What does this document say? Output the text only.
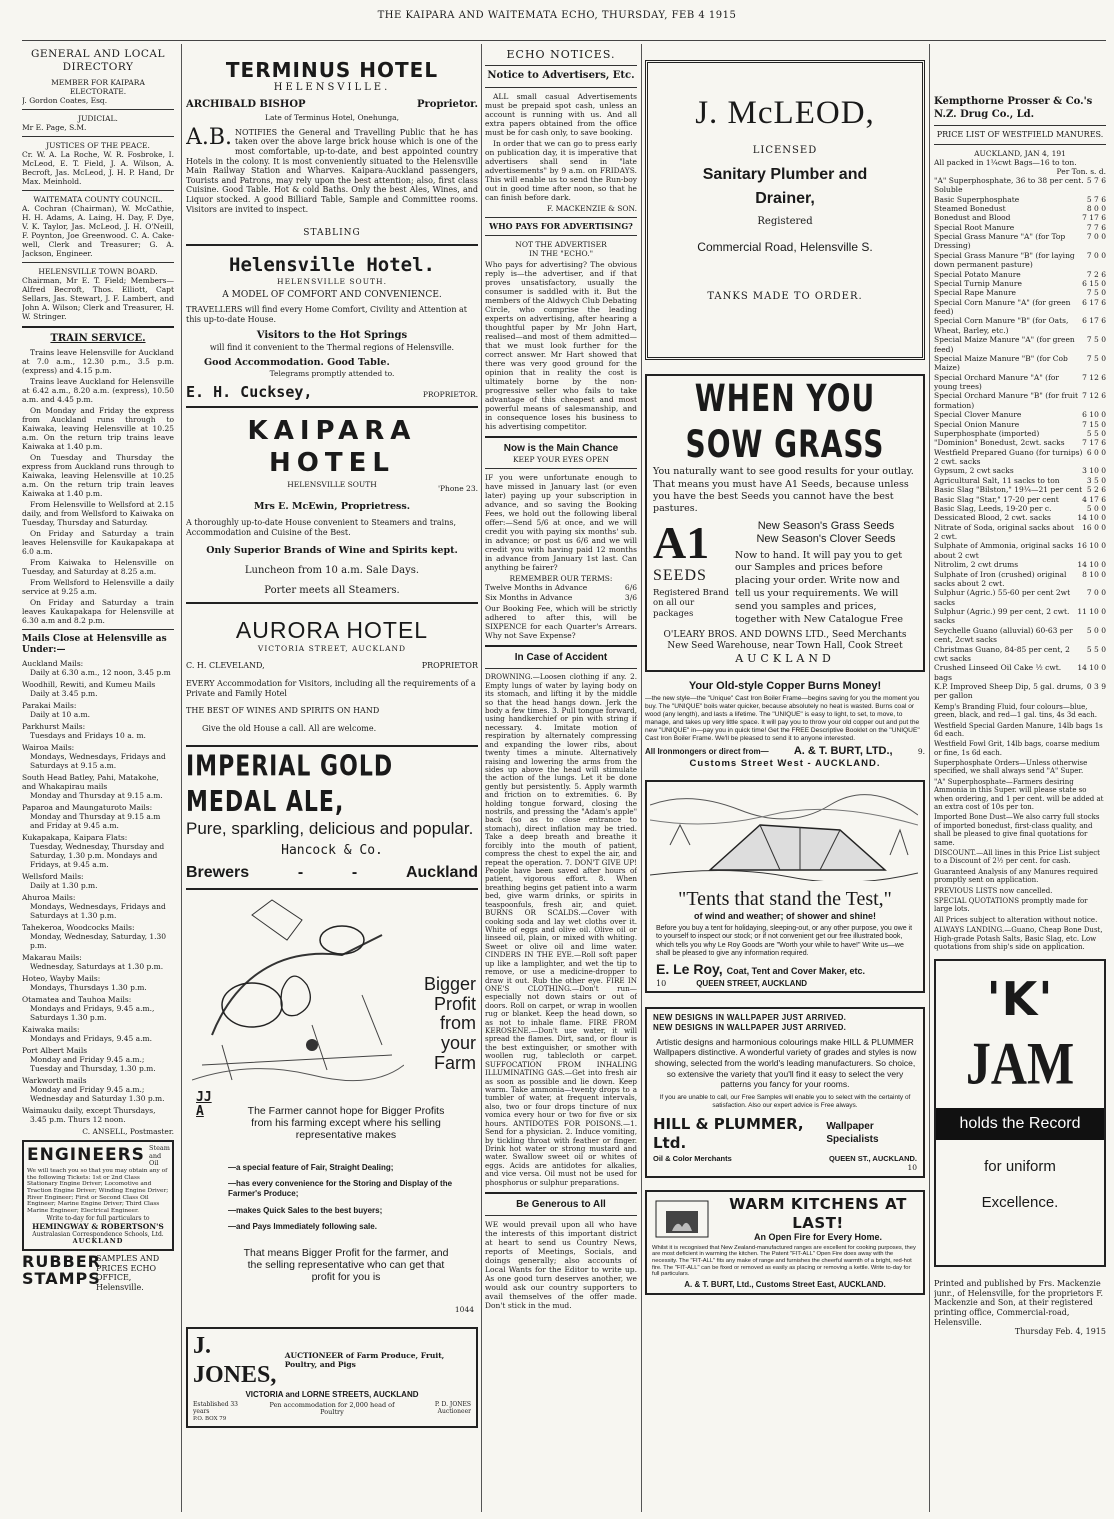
THE KAIPARA AND WAITEMATA ECHO, THURSDAY, FEB 4 1915
GENERAL AND LOCAL DIRECTORY
MEMBER FOR KAIPARA ELECTORATE.
J. Gordon Coates, Esq.
JUDICIAL.
Mr E. Page, S.M.
JUSTICES OF THE PEACE.
Cr. W. A. La Roche, W. R. Fosbroke, I. McLeod, E. T. Field, J. A. Wilson, A. Becroft, Jas. McLeod, J. H. P. Hand, Dr Max. Meinhold.
WAITEMATA COUNTY COUNCIL.
A. Cochran (Chairman), W. McCathie, H. H. Adams, A. Laing, H. Day, F. Dye, V. K. Taylor, Jas. McLeod, J. H. O'Neill, F. Poynton, Joe Greenwood. C. A. Cake-well, Clerk and Treasurer; G. A. Jackson, Engineer.
HELENSVILLE TOWN BOARD.
Chairman, Mr E. T. Field; Members—Alfred Becroft, Thos. Elliott, Capt Sellars, Jas. Stewart, J. F. Lambert, and John A. Wilson; Clerk and Treasurer, H. W. Stringer.
TRAIN SERVICE.

Trains leave Helensville for Auckland at 7.0 a.m., 12.30 p.m., 3.5 p.m. (express) and 4.15 p.m.

Trains leave Auckland for Helensville at 6.42 a.m., 8.20 a.m. (express), 10.50 a.m. and 4.45 p.m.

On Monday and Friday the express from Auckland runs through to Kaiwaka, leaving Helensville at 10.25 a.m. On the return trip trains leave Kaiwaka at 1.40 p.m.

On Tuesday and Thursday the express from Auckland runs through to Kaiwaka, leaving Helensville at 10.25 a.m. On the return trip train leaves Kaiwaka at 1.40 p.m.

From Helensville to Wellsford at 2.15 daily, and from Wellsford to Kaiwaka on Tuesday, Thursday and Saturday.

On Friday and Saturday a train leaves Helensville for Kaukapakapa at 6.0 a.m.

From Kaiwaka to Helensville on Tuesday, and Saturday at 8.25 a.m.

From Wellsford to Helensville a daily service at 9.25 a.m.

On Friday and Saturday a train leaves Kaukapakapa for Helensville at 6.30 a.m and 8.2 p.m.

Mails Close at Helensville as Under:—
Auckland Mails:
Daily at 6.30 a.m., 12 noon, 3.45 p.m
Woodhill, Rewiti, and Kumeu Mails
Daily at 3.45 p.m.
Parakai Mails:
Daily at 10 a.m.
Parkhurst Mails:
Tuesdays and Fridays 10 a. m.
Wairoa Mails:
Mondays, Wednesdays, Fridays and Saturdays at 9.15 a.m.
South Head Batley, Pahi, Matakohe, and Whakapirau mails
Monday and Thursday at 9.15 a.m.
Paparoa and Maungaturoto Mails:
Monday and Thursday at 9.15 a.m and Friday at 9.45 a.m.
Kukapakapa, Kaipara Flats:
Tuesday, Wednesday, Thursday and Saturday, 1.30 p.m. Mondays and Fridays, at 9.45 a.m.
Wellsford Mails:
Daily at 1.30 p.m.
Ahuroa Mails:
Mondays, Wednesdays, Fridays and Saturdays at 1.30 p.m.
Tahekeroa, Woodcocks Mails:
Monday, Wednesday, Saturday, 1.30 p.m.
Makarau Mails:
Wednesday, Saturdays at 1.30 p.m.
Hoteo, Wayby Mails:
Mondays, Thursdays 1.30 p.m.
Otamatea and Tauhoa Mails:
Mondays and Fridays, 9.45 a.m., Saturdays 1.30 p.m.
Kaiwaka mails:
Mondays and Fridays, 9.45 a.m.
Port Albert Mails
Monday and Friday 9.45 a.m.; Tuesday and Thursday, 1.30 p.m.
Warkworth mails
Monday and Friday 9.45 a.m.; Wednesday and Saturday 1.30 p.m.
Waimauku daily, except Thursdays,
3.45 p.m. Thurs 12 noon.
C. ANSELL, Postmaster.
ENGINEERS Steam and Oil
We will teach you so that you may obtain any of the following Tickets: 1st or 2nd Class Stationary Engine Driver; Locomotive and Traction Engine Driver; Winding Engine Driver; River Engineer; First or Second Class Oil Engineer; Marine Engine Driver; Third Class Marine Engineer; Electrical Engineer.
Write to-day for full particulars to
HEMINGWAY & ROBERTSON'S
Australasian Correspondence Schools, Ltd.
AUCKLAND
RUBBER STAMPS
SAMPLES AND PRICES ECHO OFFICE, Helensville.
TERMINUS HOTEL
HELENSVILLE.
ARCHIBALD BISHOP	Proprietor.
Late of Terminus Hotel, Onehunga,
A.B. NOTIFIES the General and Travelling Public that he has taken over the above large brick house which is one of the most comfortable, up-to-date, and best appointed country Hotels in the colony. It is most conveniently situated to the Helensville Main Railway Station and Wharves. Kaipara-Auckland passengers, Tourists and Patrons, may rely upon the best attention; also, first class Cuisine. Good Table. Hot & cold Baths. Only the best Ales, Wines, and Liquor stocked. A good Billiard Table, Sample and Committee rooms. Visitors are invited to inspect.
STABLING
Helensville Hotel.
HELENSVILLE SOUTH.
A MODEL OF COMFORT AND CONVENIENCE.
TRAVELLERS will find every Home Comfort, Civility and Attention at this up-to-date House.
Visitors to the Hot Springs
will find it convenient to the Thermal regions of Helensville.
Good Accommodation. Good Table.
Telegrams promptly attended to.
E. H. Cucksey,	PROPRIETOR.
KAIPARA HOTEL
HELENSVILLE SOUTH	'Phone 23.
Mrs E. McEwin, Proprietress.
A thoroughly up-to-date House convenient to Steamers and trains, Accommodation and Cuisine of the Best.
Only Superior Brands of Wine and Spirits kept.
Luncheon from 10 a.m. Sale Days.
Porter meets all Steamers.
AURORA HOTEL
VICTORIA STREET, AUCKLAND
C. H. CLEVELAND,	PROPRIETOR
EVERY Accommodation for Visitors, including all the requirements of a Private and Family Hotel
THE BEST OF WINES AND SPIRITS ON HAND
Give the old House a call. All are welcome.
IMPERIAL GOLD MEDAL ALE,
Pure, sparkling, delicious and popular.
Hancock & Co.
Brewers	-	-	Auckland
Bigger Profit from your Farm
JJ A	The Farmer cannot hope for Bigger Profits from his farming except where his selling representative makes
—a special feature of Fair, Straight Dealing;
—has every convenience for the Storing and Display of the Farmer's Produce;
—makes Quick Sales to the best buyers;
—and Pays Immediately following sale.
That means Bigger Profit for the farmer, and the selling representative who can get that profit for you is
1044
J. JONES,
AUCTIONEER of Farm Produce, Fruit, Poultry, and Pigs
VICTORIA and LORNE STREETS, AUCKLAND
Established 33 years
Pen accommodation for 2,000 head of Poultry
P. D. JONES Auctioneer
P.O. BOX 79
ECHO NOTICES.
Notice to Advertisers, Etc.

ALL small casual Advertisements must be prepaid spot cash, unless an account is running with us. And all extra papers obtained from the office must be for cash only, to save booking.

In order that we can go to press early on publication day, it is imperative that advertisers shall send in "late advertisements" by 9 a.m. on FRIDAYS. This will enable us to send the Run-boy out in good time after noon, so that he can finish before dark.

F. MACKENZIE & SON.
WHO PAYS FOR ADVERTISING?
NOT THE ADVERTISER
IN THE "ECHO."
Who pays for advertising? The obvious reply is—the advertiser, and if that proves unsatisfactory, usually the consumer is saddled with it. But the members of the Aldwych Club Debating Circle, who comprise the leading experts on advertising, after hearing a thoughtful paper by Mr John Hart, realised—and most of them admitted—that we must look further for the correct answer. Mr Hart showed that there was very good ground for the opinion that in reality the cost is ultimately borne by the non-progressive seller who fails to take advantage of this cheapest and most powerful means of salesmanship, and in consequence loses his business to his advertising competitor.
Now is the Main Chance
KEEP YOUR EYES OPEN
IF you were unfortunate enough to have missed in January last (or even later) paying up your subscription in advance, and so saving the Booking Fees, we hold out the following liberal offer:—Send 5/6 at once, and we will credit you with paying six months' sub. in advance; or post us 6/6 and we will credit you with having paid 12 months in advance from January 1st last. Can anything be fairer?
REMEMBER OUR TERMS:
Twelve Months in Advance	6/6
Six Months in Advance	3/6
Our Booking Fee, which will be strictly adhered to after this, will be SIXPENCE for each Quarter's Arrears. Why not Save Expense?
In Case of Accident
DROWNING.—Loosen clothing if any. 2. Empty lungs of water by laying body on its stomach, and lifting it by the middle so that the head hangs down. Jerk the body a few times. 3. Pull tongue forward, using handkerchief or pin with string if necessary. 4. Imitate motion of respiration by alternately compressing and expanding the lower ribs, about twenty times a minute. Alternatively raising and lowering the arms from the sides up above the head will stimulate the action of the lungs. Let it be done gently but persistently. 5. Apply warmth and friction on to extremities. 6. By holding tongue forward, closing the nostrils, and pressing the "Adam's apple" back (so as to close entrance to stomach), direct inflation may be tried. Take a deep breath and breathe it forcibly into the mouth of patient, compress the chest to expel the air, and repeat the operation. 7. DON'T GIVE UP! People have been saved after hours of patient, vigorous effort. 8. When breathing begins get patient into a warm bed, give warm drinks, or spirits in teaspoonfuls, fresh air, and quiet. BURNS OR SCALDS.—Cover with cooking soda and lay wet cloths over it. White of eggs and olive oil. Olive oil or linseed oil, plain, or mixed with whiting. Sweet or olive oil and lime water. CINDERS IN THE EYE.—Roll soft paper up like a lamplighter, and wet the tip to remove, or use a medicine-dropper to draw it out. Rub the other eye. FIRE IN ONE'S CLOTHING.—Don't run—especially not down stairs or out of doors. Roll on carpet, or wrap in woollen rug or blanket. Keep the head down, so as not to inhale flame. FIRE FROM KEROSENE.—Don't use water, it will spread the flames. Dirt, sand, or flour is the best extinguisher, or smother with woollen rug, tablecloth or carpet. SUFFOCATION FROM INHALING ILLUMINATING GAS.—Get into fresh air as soon as possible and lie down. Keep warm. Take ammonia—twenty drops to a tumbler of water, at frequent intervals, also, two or four drops tincture of nux vomica every hour or two for five or six hours. ANTIDOTES FOR POISONS.—1. Send for a physician. 2. Induce vomiting, by tickling throat with feather or finger. Drink hot water or strong mustard and water. Swallow sweet oil or whites of eggs. Acids are antidotes for alkalies, and vice versa. Oil must not be used for phosphorus or sulphur preparations.
Be Generous to All
WE would prevail upon all who have the interests of this important district at heart to send us Country News, reports of Meetings, Socials, and doings generally; also accounts of Local Wants for the Editor to write up. As one good turn deserves another, we would ask our country supporters to avail themselves of the offer made. Don't stick in the mud.
J. McLEOD,
LICENSED
Sanitary Plumber and Drainer,
Registered
Commercial Road, Helensville S.
TANKS MADE TO ORDER.
WHEN YOU SOW GRASS
You naturally want to see good results for your outlay. That means you must have A1 Seeds, because unless you have the best Seeds you cannot have the best pastures.
A1
SEEDS
Registered Brand on all our packages
New Season's Grass Seeds
New Season's Clover Seeds
Now to hand. It will pay you to get our Samples and prices before placing your order. Write now and tell us your requirements. We will send you samples and prices, together with New Catalogue Free
O'LEARY BROS. AND DOWNS LTD., Seed Merchants
New Seed Warehouse, near Town Hall, Cook Street
AUCKLAND
Your Old-style Copper Burns Money!
—the new style—the "Unique" Cast Iron Boiler Frame—begins saving for you the moment you buy. The "UNIQUE" boils water quicker, because absolutely no heat is wasted. Burns coal or wood (any length), and lasts a lifetime. The "UNIQUE" is easy to light, to set, to move, to manage, and takes up very little space. It will pay you to throw your old copper out and put the new "UNIQUE" in—pay you in quick time! Get the FREE Descriptive Booklet on the "UNIQUE" Cast Iron Boiler Frame. We'll be pleased to send it to anyone interested.
All Ironmongers or direct from— A. & T. BURT, LTD.,	9.
Customs Street West - AUCKLAND.
"Tents that stand the Test,"
of wind and weather; of shower and shine!
Before you buy a tent for holidaying, sleeping-out, or any other purpose, you owe it to yourself to inspect our stock; or if not convenient get our free illustrated book, which tells you why Le Roy Goods are "Worth your while to have!" Write us—we shall be pleased to give any information required.
E. Le Roy, Coat, Tent and Cover Maker, etc.
10	QUEEN STREET, AUCKLAND
NEW DESIGNS IN WALLPAPER JUST ARRIVED.
NEW DESIGNS IN WALLPAPER JUST ARRIVED.
Artistic designs and harmonious colourings make HILL & PLUMMER Wallpapers distinctive. A wonderful variety of grades and styles is now showing, selected from the world's leading manufacturers. So choice, so extensive the variety that you'll find it easy to select the very patterns you fancy for your rooms.
If you are unable to call, our Free Samples will enable you to select with the certainty of satisfaction. Also our expert advice is Free always.
HILL & PLUMMER, Ltd.
Wallpaper Specialists
Oil & Color Merchants	QUEEN ST., AUCKLAND.
10
WARM KITCHENS AT LAST!
An Open Fire for Every Home.
Whilst it is recognised that New Zealand-manufactured ranges are excellent for cooking purposes, they are most deficient in warming the kitchen. The Patent "FIT-ALL" Open Fire does away with the necessity. The "FIT-ALL" fits any make of range and furnishes the cheerful warmth of a bright, red-hot fire. The "FIT-ALL" can be fixed or removed as easily as placing or removing a kettle. Write to-day for full particulars.
A. & T. BURT, Ltd., Customs Street East, AUCKLAND.
Kempthorne Prosser & Co.'s N.Z. Drug Co., Ld.
PRICE LIST OF WESTFIELD MANURES.
AUCKLAND, JAN 4, 191
All packed in 1¼cwt Bags—16 to ton.
Per Ton. s. d.
"A" Superphosphate, 36 to 38 per cent. Soluble
5 7 6
Basic Superphosphate	5 7 6
Steamed Bonedust	8 0 0
Bonedust and Blood	7 17 6
Special Root Manure	7 7 6
Special Grass Manure "A" (for Top Dressing)
7 0 0
Special Grass Manure "B" (for laying down permanent pasture)
7 0 0
Special Potato Manure	7 2 6
Special Turnip Manure	6 15 0
Special Rape Manure	7 5 0
Special Corn Manure "A" (for green feed)
6 17 6
Special Corn Manure "B" (for Oats, Wheat, Barley, etc.)
6 17 6
Special Maize Manure "A" (for green feed)
7 5 0
Special Maize Manure "B" (for Cob Maize)
7 5 0
Special Orchard Manure "A" (for young trees)
7 12 6
Special Orchard Manure "B" (for fruit formation)
7 12 6
Special Clover Manure	6 10 0
Special Onion Manure	7 15 0
Superphosphate (imported)	5 5 0
"Dominion" Bonedust, 2cwt. sacks	7 17 6
Westfield Prepared Guano (for turnips) 2 cwt. sacks
6 0 0
Gypsum, 2 cwt sacks	3 10 0
Agricultural Salt, 11 sacks to ton	3 5 0
Basic Slag "Bilston," 19¼—21 per cent 5 2 6
Basic Slag "Star," 17-20 per cent	4 17 6
Basic Slag, Leeds, 19-20 per c.	5 0 0
Dessicated Blood, 2 cwt. sacks	14 10 0
Nitrate of Soda, original sacks about 2 cwt.
16 0 0
Sulphate of Ammonia, original sacks about 2 cwt
16 10 0
Nitrolim, 2 cwt drums	14 10 0
Sulphate of Iron (crushed) original sacks about 2 cwt.
8 10 0
Sulphur (Agric.) 55-60 per cent 2wt sacks
7 0 0
Sulphur (Agric.) 99 per cent, 2 cwt. sacks
11 10 0
Seychelle Guano (alluvial) 60-63 per cent, 2cwt sacks
5 0 0
Christmas Guano, 84-85 per cent, 2 cwt sacks
5 5 0
Crushed Linseed Oil Cake ½ cwt. bags
14 10 0
K.P. Improved Sheep Dip, 5 gal. drums, per gallon
0 3 9

Kemp's Branding Fluid, four colours—blue, green, black, and red—1 gal. tins, 4s 3d each.

Westfield Special Garden Manure, 14lb bags 1s 6d each.

Westfield Fowl Grit, 14lb bags, coarse medium or fine, 1s 6d each.

Superphosphate Orders—Unless otherwise specified, we shall always send "A" Super.

"A" Superphosphate—Farmers desiring Ammonia in this Super. will please state so when ordering, and 1 per cent. will be added at an extra cost of 10s per ton.

Imported Bone Dust—We also carry full stocks of imported bonedust, first-class quality, and shall be pleased to give final quotations for same.

DISCOUNT.—All lines in this Price List subject to a Discount of 2½ per cent. for cash.

Guaranteed Analysis of any Manures required promptly sent on application.

PREVIOUS LISTS now cancelled.

SPECIAL QUOTATIONS promptly made for large lots.

All Prices subject to alteration without notice.

ALWAYS LANDING.—Guano, Cheap Bone Dust, High-grade Potash Salts, Basic Slag, etc. Low quotations from ship's side on application.

'K'
JAM
holds the Record
for uniform
Excellence.
Printed and published by Frs. Mackenzie junr., of Helensville, for the proprietors F. Mackenzie and Son, at their registered printing office, Commercial-road, Helensville.
Thursday Feb. 4, 1915
